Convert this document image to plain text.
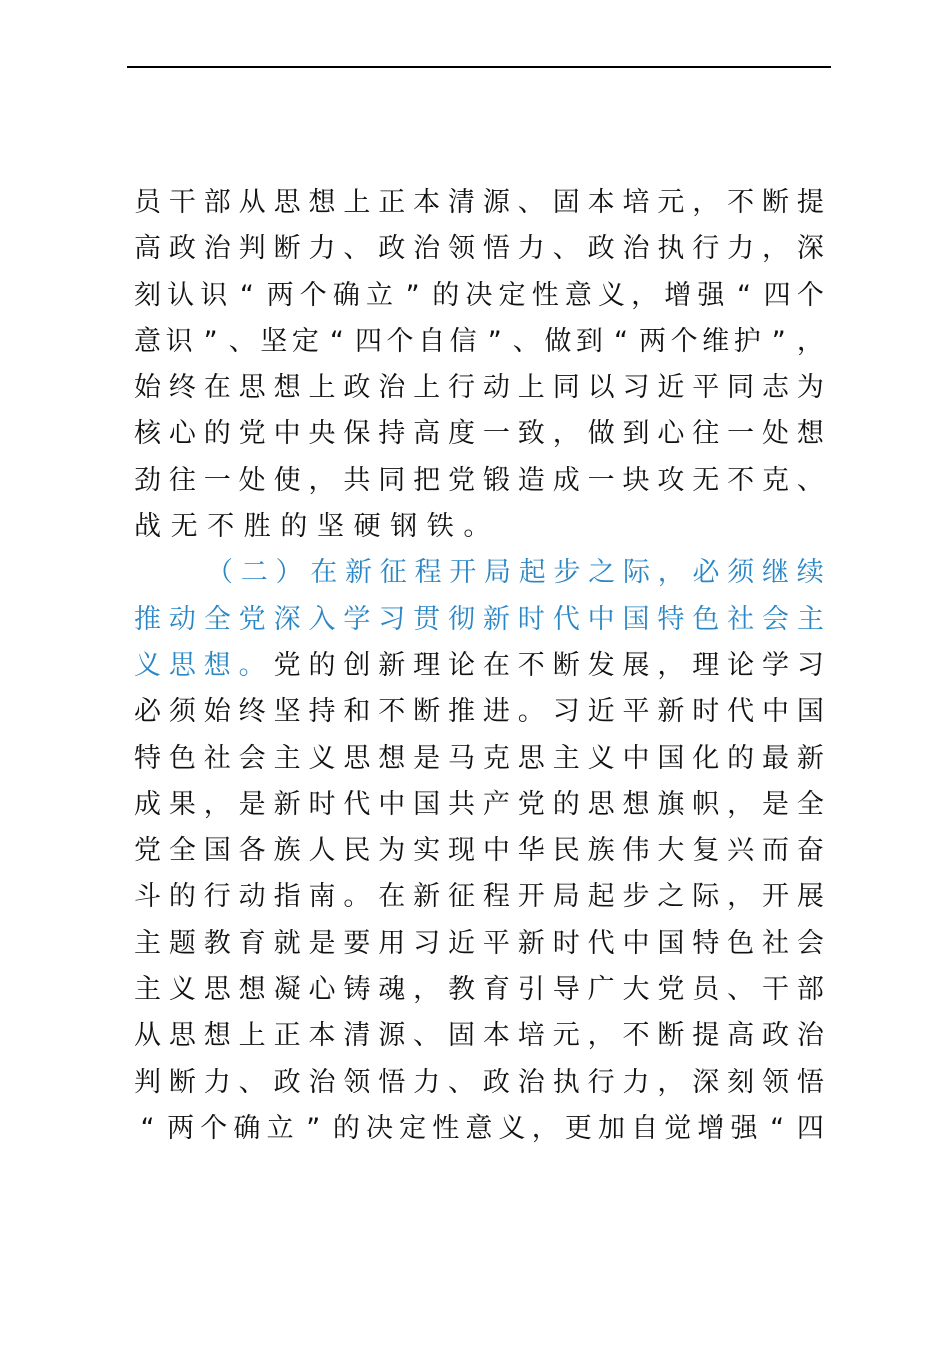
员 干 部 从 思 想 上 正 本 清 源 、 固 本 培 元 ， 不 断 提
高 政 治 判 断 力 、 政 治 领 悟 力 、 政 治 执 行 力 ， 深
刻 认 识 “ 两 个 确 立 ” 的 决 定 性 意 义 ， 增 强 “ 四 个
意 识 ” 、 坚 定 “ 四 个 自 信 ” 、 做 到 “ 两 个 维 护 ” ，
始 终 在 思 想 上 政 治 上 行 动 上 同 以 习 近 平 同 志 为
核 心 的 党 中 央 保 持 高 度 一 致 ， 做 到 心 往 一 处 想
劲 往 一 处 使 ， 共 同 把 党 锻 造 成 一 块 攻 无 不 克 、
战 无 不 胜 的 坚 硬 钢 铁 。
（ 二 ） 在 新 征 程 开 局 起 步 之 际 ， 必 须 继 续
推 动 全 党 深 入 学 习 贯 彻 新 时 代 中 国 特 色 社 会 主
义 思 想 。 党 的 创 新 理 论 在 不 断 发 展 ， 理 论 学 习
必 须 始 终 坚 持 和 不 断 推 进 。 习 近 平 新 时 代 中 国
特 色 社 会 主 义 思 想 是 马 克 思 主 义 中 国 化 的 最 新
成 果 ， 是 新 时 代 中 国 共 产 党 的 思 想 旗 帜 ， 是 全
党 全 国 各 族 人 民 为 实 现 中 华 民 族 伟 大 复 兴 而 奋
斗 的 行 动 指 南 。 在 新 征 程 开 局 起 步 之 际 ， 开 展
主 题 教 育 就 是 要 用 习 近 平 新 时 代 中 国 特 色 社 会
主 义 思 想 凝 心 铸 魂 ， 教 育 引 导 广 大 党 员 、 干 部
从 思 想 上 正 本 清 源 、 固 本 培 元 ， 不 断 提 高 政 治
判 断 力 、 政 治 领 悟 力 、 政 治 执 行 力 ， 深 刻 领 悟
“ 两 个 确 立 ” 的 决 定 性 意 义 ， 更 加 自 觉 增 强 “ 四
